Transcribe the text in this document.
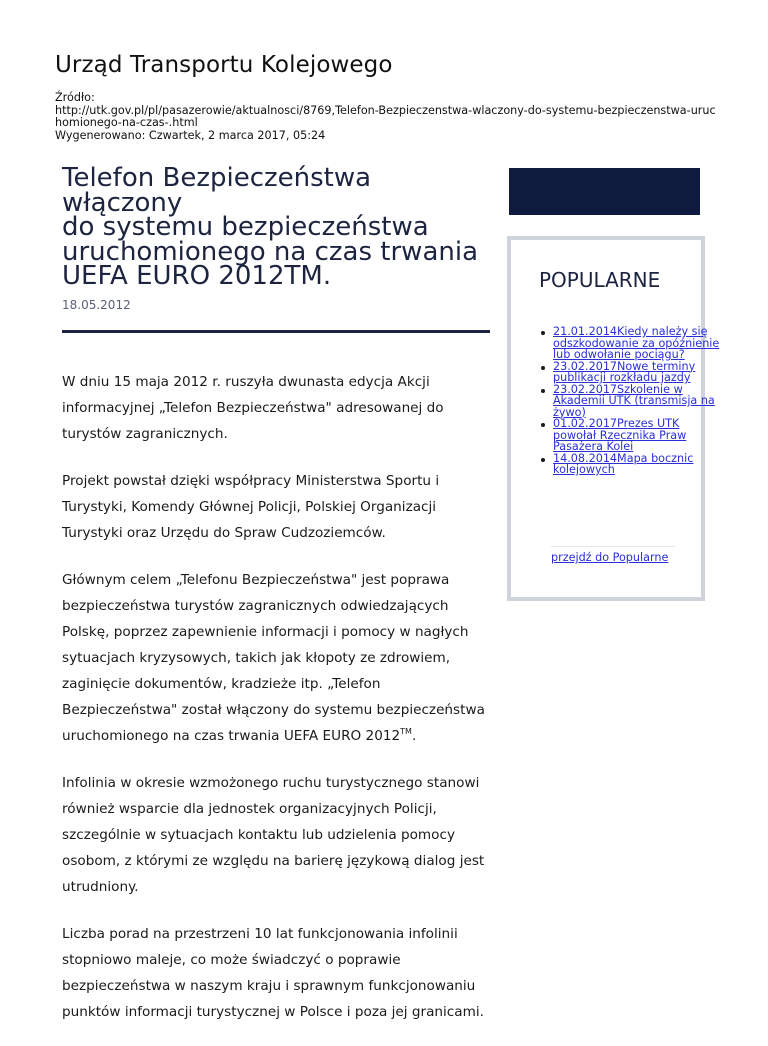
Urząd Transportu Kolejowego
Źródło:
http://utk.gov.pl/pl/pasazerowie/aktualnosci/8769,Telefon-Bezpieczenstwa-wlaczony-do-systemu-bezpieczenstwa-uruc
homionego-na-czas-.html
Wygenerowano: Czwartek, 2 marca 2017, 05:24
Telefon Bezpieczeństwa włączony
do systemu bezpieczeństwa
uruchomionego na czas trwania
UEFA EURO 2012TM.
18.05.2012

W dniu 15 maja 2012 r. ruszyła dwunasta edycja Akcji informacyjnej „Telefon Bezpieczeństwa" adresowanej do turystów zagranicznych.

Projekt powstał dzięki współpracy Ministerstwa Sportu i Turystyki, Komendy Głównej Policji, Polskiej Organizacji Turystyki oraz Urzędu do Spraw Cudzoziemców.

Głównym celem „Telefonu Bezpieczeństwa" jest poprawa bezpieczeństwa turystów zagranicznych odwiedzających Polskę, poprzez zapewnienie informacji i pomocy w nagłych sytuacjach kryzysowych, takich jak kłopoty ze zdrowiem, zaginięcie dokumentów, kradzieże itp. „Telefon Bezpieczeństwa" został włączony do systemu bezpieczeństwa uruchomionego na czas trwania UEFA EURO 2012™.

Infolinia w okresie wzmożonego ruchu turystycznego stanowi również wsparcie dla jednostek organizacyjnych Policji, szczególnie w sytuacjach kontaktu lub udzielenia pomocy osobom, z którymi ze względu na barierę językową dialog jest utrudniony.

Liczba porad na przestrzeni 10 lat funkcjonowania infolinii stopniowo maleje, co może świadczyć o poprawie bezpieczeństwa w naszym kraju i sprawnym funkcjonowaniu punktów informacji turystycznej w Polsce i poza jej granicami.

POPULARNE
21.01.2014Kiedy należy się odszkodowanie za opóźnienie lub odwołanie pociągu?
23.02.2017Nowe terminy publikacji rozkładu jazdy
23.02.2017Szkolenie w Akademii UTK (transmisja na żywo)
01.02.2017Prezes UTK powołał Rzecznika Praw Pasażera Kolei
14.08.2014Mapa bocznic kolejowych
przejdź do Popularne
